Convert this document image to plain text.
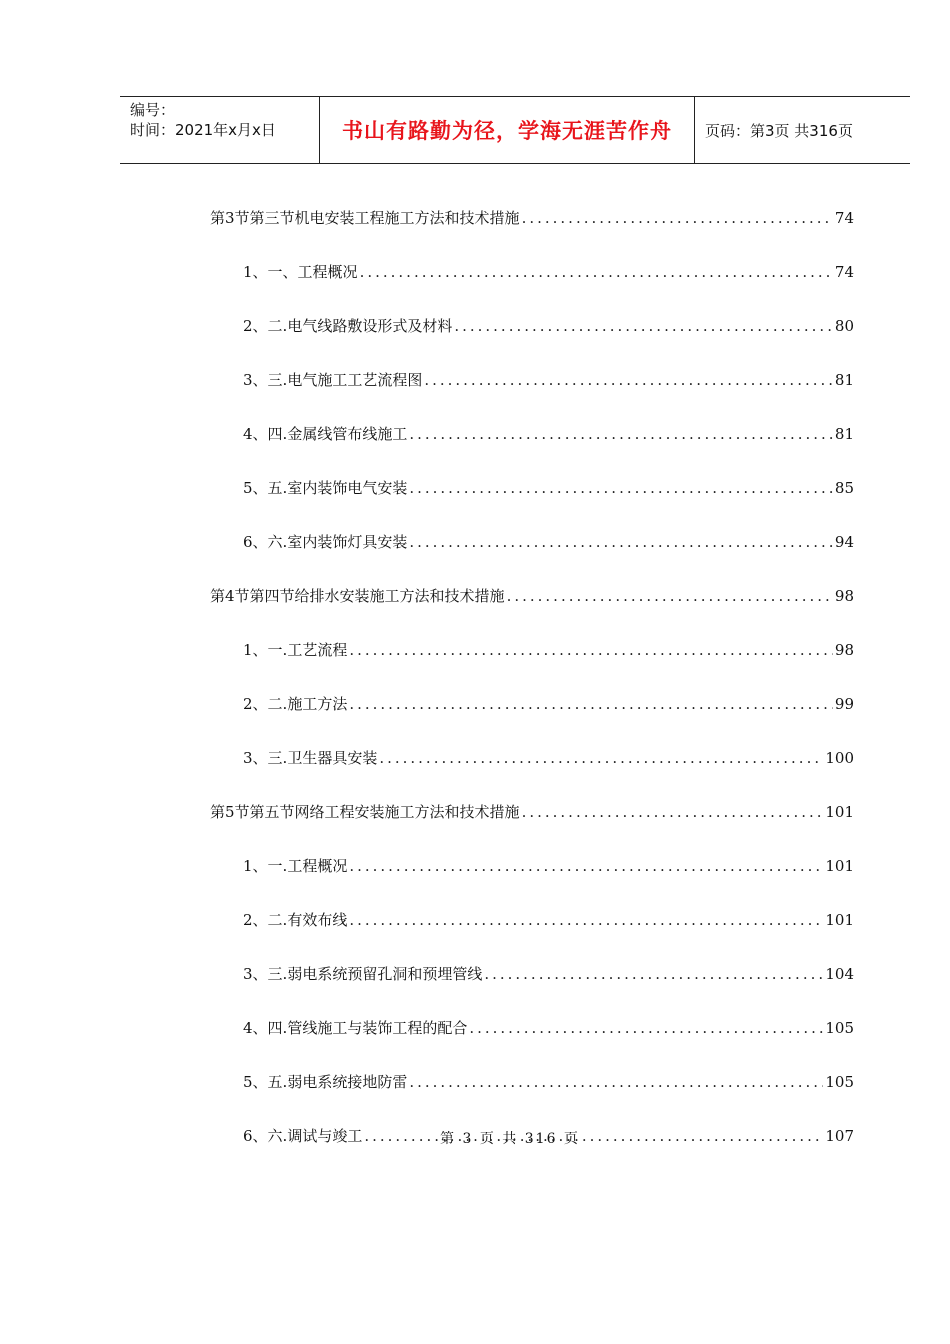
编号：
时间：2021年x月x日	书山有路勤为径，学海无涯苦作舟	页码：第3页 共316页
第3节 第三节机电安装工程施工方法和技术措施 .....	74
1、 一、工程概况 .....	74
2、 二.电气线路敷设形式及材料 .....	80
3、 三.电气施工工艺流程图 .....	81
4、 四.金属线管布线施工 .....	81
5、 五.室内装饰电气安装 .....	85
6、 六.室内装饰灯具安装 .....	94
第4节 第四节给排水安装施工方法和技术措施 .....	98
1、 一.工艺流程 .....	98
2、 二.施工方法 .....	99
3、 三.卫生器具安装 .....	100
第5节 第五节网络工程安装施工方法和技术措施 .....	101
1、 一.工程概况 .....	101
2、 二.有效布线 .....	101
3、 三.弱电系统预留孔洞和预埋管线 .....	104
4、 四.管线施工与装饰工程的配合 .....	105
5、 五.弱电系统接地防雷 .....	105
6、 六.调试与竣工 .....	107
第 3 页 共 316 页
